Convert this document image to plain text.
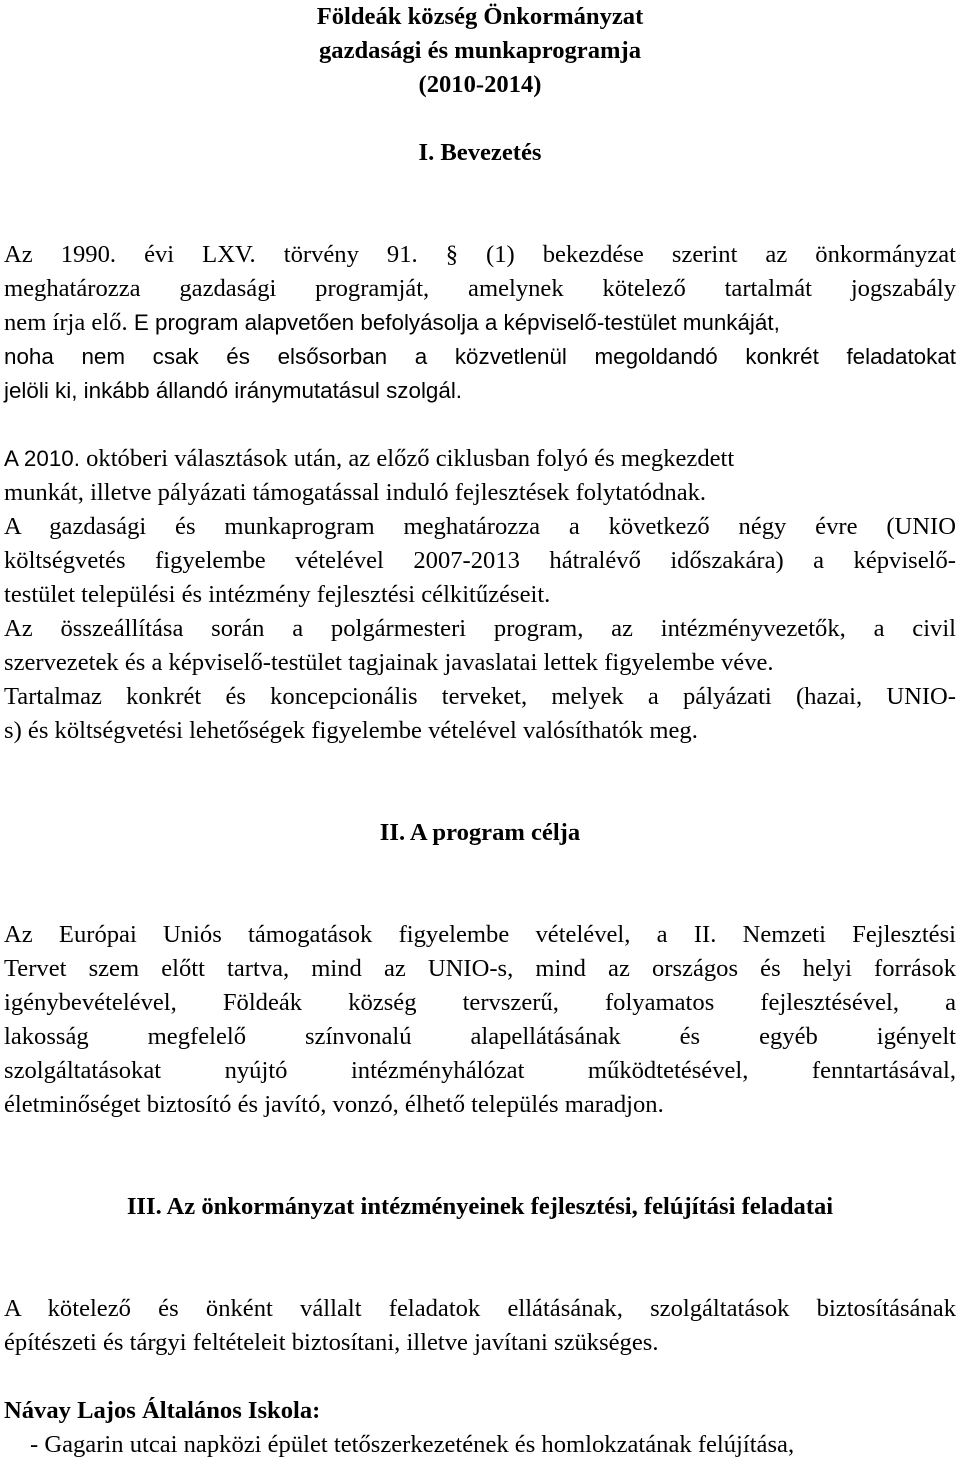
Földeák község Önkormányzat
gazdasági és munkaprogramja
(2010-2014)
I. Bevezetés
Az 1990. évi LXV. törvény 91. § (1) bekezdése szerint az önkormányzat
meghatározza gazdasági programját, amelynek kötelező tartalmát jogszabály
nem írja elő. E program alapvetően befolyásolja a képviselő-testület munkáját,
noha nem csak és elsősorban a közvetlenül megoldandó konkrét feladatokat
jelöli ki, inkább állandó iránymutatásul szolgál.
A 2010. októberi választások után, az előző ciklusban folyó és megkezdett
munkát, illetve pályázati támogatással induló fejlesztések folytatódnak.
A gazdasági és munkaprogram meghatározza a következő négy évre (UNIO
költségvetés figyelembe vételével 2007-2013 hátralévő időszakára) a képviselő-
testület települési és intézmény fejlesztési célkitűzéseit.
Az összeállítása során a polgármesteri program, az intézményvezetők, a civil
szervezetek és a képviselő-testület tagjainak javaslatai lettek figyelembe véve.
Tartalmaz konkrét és koncepcionális terveket, melyek a pályázati (hazai, UNIO-
s) és költségvetési lehetőségek figyelembe vételével valósíthatók meg.
II. A program célja
Az Európai Uniós támogatások figyelembe vételével, a II. Nemzeti Fejlesztési
Tervet szem előtt tartva, mind az UNIO-s, mind az országos és helyi források
igénybevételével, Földeák község tervszerű, folyamatos fejlesztésével, a
lakosság megfelelő színvonalú alapellátásának és egyéb igényelt
szolgáltatásokat nyújtó intézményhálózat működtetésével, fenntartásával,
életminőséget biztosító és javító, vonzó, élhető település maradjon.
III. Az önkormányzat intézményeinek fejlesztési, felújítási feladatai
A kötelező és önként vállalt feladatok ellátásának, szolgáltatások biztosításának
építészeti és tárgyi feltételeit biztosítani, illetve javítani szükséges.
Návay Lajos Általános Iskola:
- Gagarin utcai napközi épület tetőszerkezetének és homlokzatának felújítása,
